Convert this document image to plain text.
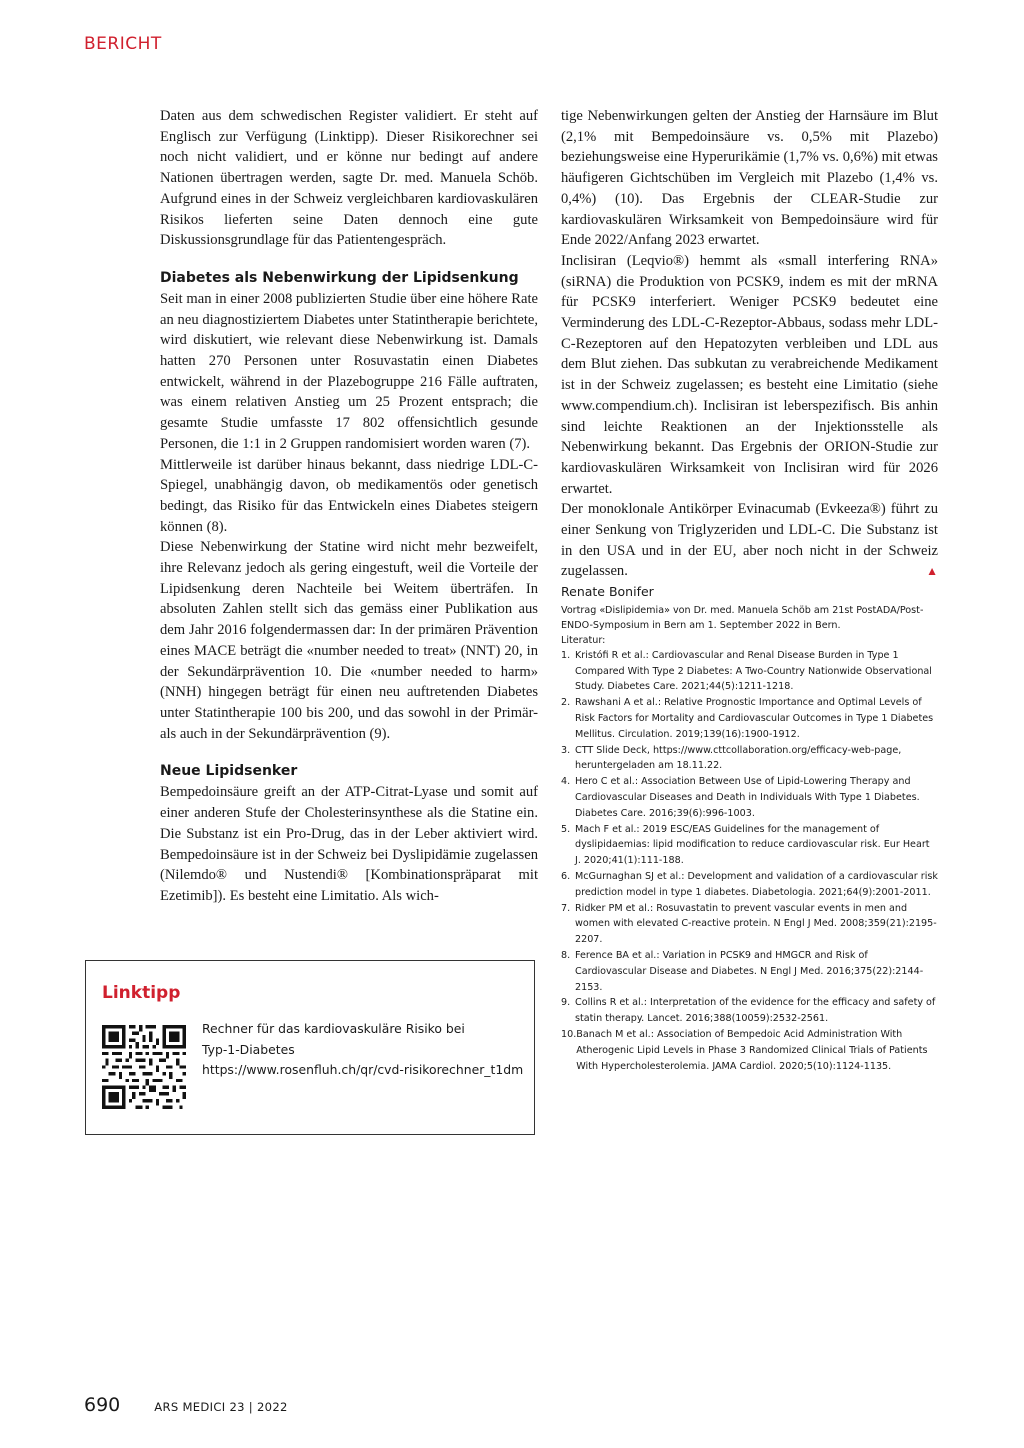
BERICHT

Daten aus dem schwedischen Register validiert. Er steht auf Englisch zur Verfügung (Linktipp). Dieser Risikorechner sei noch nicht validiert, und er könne nur bedingt auf andere Nationen übertragen werden, sagte Dr. med. Manuela Schöb. Aufgrund eines in der Schweiz vergleichbaren kardiovaskulären Risikos lieferten seine Daten dennoch eine gute Diskussionsgrundlage für das Patientengespräch.

Diabetes als Nebenwirkung der Lipidsenkung

Seit man in einer 2008 publizierten Studie über eine höhere Rate an neu diagnostiziertem Diabetes unter Statintherapie berichtete, wird diskutiert, wie relevant diese Nebenwirkung ist. Damals hatten 270 Personen unter Rosuvastatin einen Diabetes entwickelt, während in der Plazebogruppe 216 Fälle auftraten, was einem relativen Anstieg um 25 Prozent entsprach; die gesamte Studie umfasste 17 802 offensichtlich gesunde Personen, die 1:1 in 2 Gruppen randomisiert worden waren (7).

Mittlerweile ist darüber hinaus bekannt, dass niedrige LDL-C-Spiegel, unabhängig davon, ob medikamentös oder genetisch bedingt, das Risiko für das Entwickeln eines Diabetes steigern können (8).

Diese Nebenwirkung der Statine wird nicht mehr bezweifelt, ihre Relevanz jedoch als gering eingestuft, weil die Vorteile der Lipidsenkung deren Nachteile bei Weitem überträfen. In absoluten Zahlen stellt sich das gemäss einer Publikation aus dem Jahr 2016 folgendermassen dar: In der primären Prävention eines MACE beträgt die «number needed to treat» (NNT) 20, in der Sekundärprävention 10. Die «number needed to harm» (NNH) hingegen beträgt für einen neu auftretenden Diabetes unter Statintherapie 100 bis 200, und das sowohl in der Primär- als auch in der Sekundärprävention (9).

Neue Lipidsenker

Bempedoinsäure greift an der ATP-Citrat-Lyase und somit auf einer anderen Stufe der Cholesterinsynthese als die Statine ein. Die Substanz ist ein Pro-Drug, das in der Leber aktiviert wird. Bempedoinsäure ist in der Schweiz bei Dyslipidämie zugelassen (Nilemdo® und Nustendi® [Kombinationspräparat mit Ezetimib]). Es besteht eine Limitatio. Als wich-

tige Nebenwirkungen gelten der Anstieg der Harnsäure im Blut (2,1% mit Bempedoinsäure vs. 0,5% mit Plazebo) beziehungsweise eine Hyperurikämie (1,7% vs. 0,6%) mit etwas häufigeren Gichtschüben im Vergleich mit Plazebo (1,4% vs. 0,4%) (10). Das Ergebnis der CLEAR-Studie zur kardiovaskulären Wirksamkeit von Bempedoinsäure wird für Ende 2022/Anfang 2023 erwartet.

Inclisiran (Leqvio®) hemmt als «small interfering RNA» (siRNA) die Produktion von PCSK9, indem es mit der mRNA für PCSK9 interferiert. Weniger PCSK9 bedeutet eine Verminderung des LDL-C-Rezeptor-Abbaus, sodass mehr LDL-C-Rezeptoren auf den Hepatozyten verbleiben und LDL aus dem Blut ziehen. Das subkutan zu verabreichende Medikament ist in der Schweiz zugelassen; es besteht eine Limitatio (siehe www.compendium.ch). Inclisiran ist leberspezifisch. Bis anhin sind leichte Reaktionen an der Injektionsstelle als Nebenwirkung bekannt. Das Ergebnis der ORION-Studie zur kardiovaskulären Wirksamkeit von Inclisiran wird für 2026 erwartet.

Der monoklonale Antikörper Evinacumab (Evkeeza®) führt zu einer Senkung von Triglyzeriden und LDL-C. Die Substanz ist in den USA und in der EU, aber noch nicht in der Schweiz zugelassen.	▲

Renate Bonifer

Vortrag «Dislipidemia» von Dr. med. Manuela Schöb am 21st PostADA/Post-ENDO-Symposium in Bern am 1. September 2022 in Bern.

Literatur:

1. Kristófi R et al.: Cardiovascular and Renal Disease Burden in Type 1 Compared With Type 2 Diabetes: A Two-Country Nationwide Observational Study. Diabetes Care. 2021;44(5):1211-1218.
2. Rawshani A et al.: Relative Prognostic Importance and Optimal Levels of Risk Factors for Mortality and Cardiovascular Outcomes in Type 1 Diabetes Mellitus. Circulation. 2019;139(16):1900-1912.
3. CTT Slide Deck, https://www.cttcollaboration.org/efficacy-web-page, heruntergeladen am 18.11.22.
4. Hero C et al.: Association Between Use of Lipid-Lowering Therapy and Cardiovascular Diseases and Death in Individuals With Type 1 Diabetes. Diabetes Care. 2016;39(6):996-1003.
5. Mach F et al.: 2019 ESC/EAS Guidelines for the management of dyslipidaemias: lipid modification to reduce cardiovascular risk. Eur Heart J. 2020;41(1):111-188.
6. McGurnaghan SJ et al.: Development and validation of a cardiovascular risk prediction model in type 1 diabetes. Diabetologia. 2021;64(9):2001-2011.
7. Ridker PM et al.: Rosuvastatin to prevent vascular events in men and women with elevated C-reactive protein. N Engl J Med. 2008;359(21):2195-2207.
8. Ference BA et al.: Variation in PCSK9 and HMGCR and Risk of Cardiovascular Disease and Diabetes. N Engl J Med. 2016;375(22):2144-2153.
9. Collins R et al.: Interpretation of the evidence for the efficacy and safety of statin therapy. Lancet. 2016;388(10059):2532-2561.
10. Banach M et al.: Association of Bempedoic Acid Administration With Atherogenic Lipid Levels in Phase 3 Randomized Clinical Trials of Patients With Hypercholesterolemia. JAMA Cardiol. 2020;5(10):1124-1135.
Linktipp
Rechner für das kardiovaskuläre Risiko bei
Typ-1-Diabetes
https://www.rosenfluh.ch/qr/cvd-risikorechner_t1dm
690	ARS MEDICI 23 | 2022
